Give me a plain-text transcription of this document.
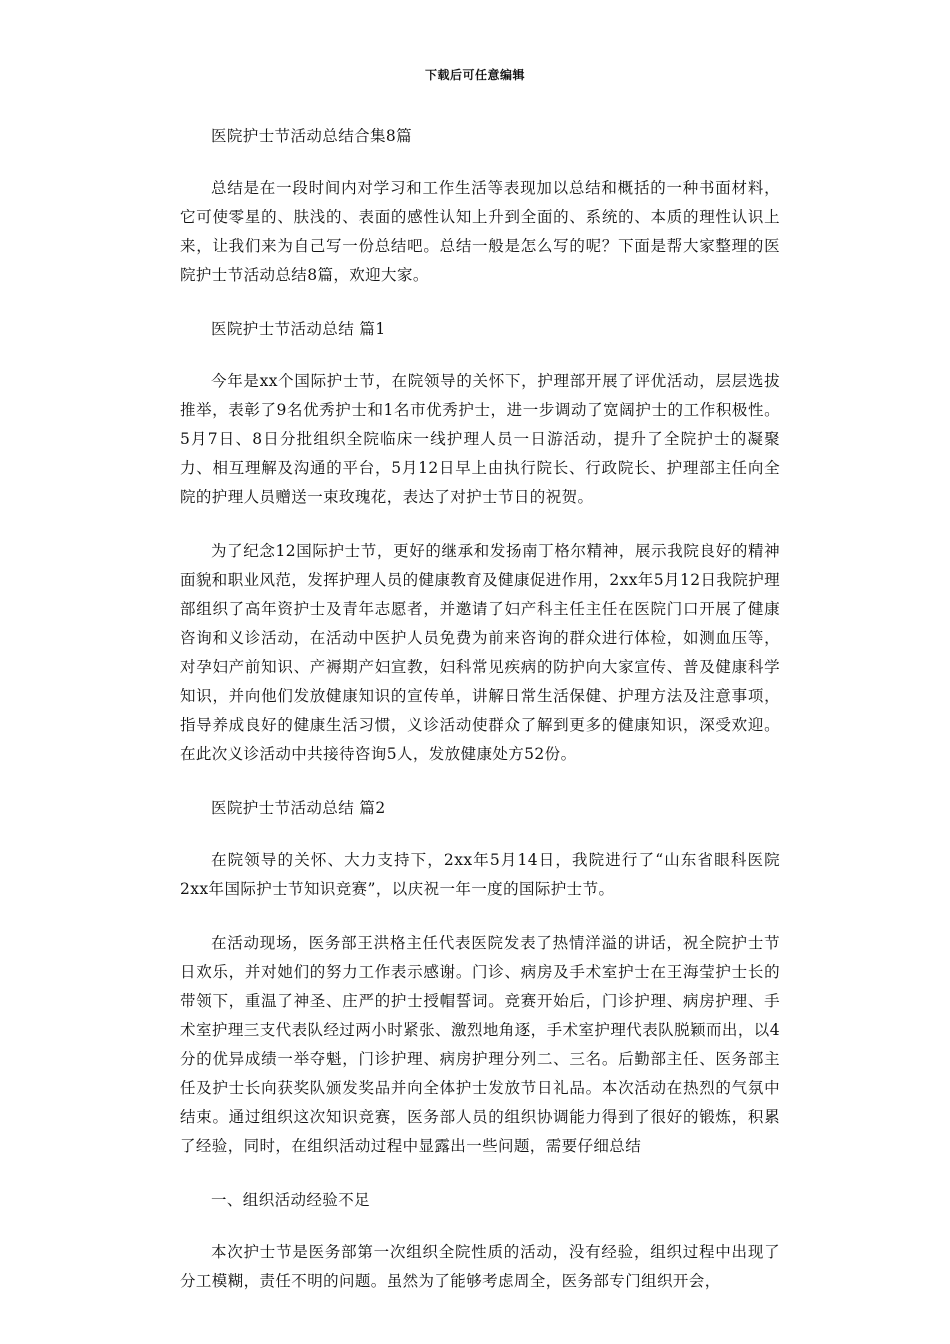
下载后可任意编辑

医院护士节活动总结合集8篇

总结是在一段时间内对学习和工作生活等表现加以总结和概括的一种书面材料，它可使零星的、肤浅的、表面的感性认知上升到全面的、系统的、本质的理性认识上来，让我们来为自己写一份总结吧。总结一般是怎么写的呢？下面是帮大家整理的医院护士节活动总结8篇，欢迎大家。

医院护士节活动总结 篇1

今年是xx个国际护士节，在院领导的关怀下，护理部开展了评优活动，层层选拔推举，表彰了9名优秀护士和1名市优秀护士，进一步调动了宽阔护士的工作积极性。5月7日、8日分批组织全院临床一线护理人员一日游活动，提升了全院护士的凝聚力、相互理解及沟通的平台，5月12日早上由执行院长、行政院长、护理部主任向全院的护理人员赠送一束玫瑰花，表达了对护士节日的祝贺。

为了纪念12国际护士节，更好的继承和发扬南丁格尔精神，展示我院良好的精神面貌和职业风范，发挥护理人员的健康教育及健康促进作用，2xx年5月12日我院护理部组织了高年资护士及青年志愿者，并邀请了妇产科主任主任在医院门口开展了健康咨询和义诊活动，在活动中医护人员免费为前来咨询的群众进行体检，如测血压等，对孕妇产前知识、产褥期产妇宣教，妇科常见疾病的防护向大家宣传、普及健康科学知识，并向他们发放健康知识的宣传单，讲解日常生活保健、护理方法及注意事项，指导养成良好的健康生活习惯，义诊活动使群众了解到更多的健康知识，深受欢迎。在此次义诊活动中共接待咨询5人，发放健康处方52份。

医院护士节活动总结 篇2

在院领导的关怀、大力支持下，2xx年5月14日，我院进行了“山东省眼科医院2xx年国际护士节知识竞赛”，以庆祝一年一度的国际护士节。

在活动现场，医务部王洪格主任代表医院发表了热情洋溢的讲话，祝全院护士节日欢乐，并对她们的努力工作表示感谢。门诊、病房及手术室护士在王海莹护士长的带领下，重温了神圣、庄严的护士授帽誓词。竞赛开始后，门诊护理、病房护理、手术室护理三支代表队经过两小时紧张、激烈地角逐，手术室护理代表队脱颖而出，以4分的优异成绩一举夺魁，门诊护理、病房护理分列二、三名。后勤部主任、医务部主任及护士长向获奖队颁发奖品并向全体护士发放节日礼品。本次活动在热烈的气氛中结束。通过组织这次知识竞赛，医务部人员的组织协调能力得到了很好的锻炼，积累了经验，同时，在组织活动过程中显露出一些问题，需要仔细总结

一、组织活动经验不足

本次护士节是医务部第一次组织全院性质的活动，没有经验，组织过程中出现了分工模糊，责任不明的问题。虽然为了能够考虑周全，医务部专门组织开会，
